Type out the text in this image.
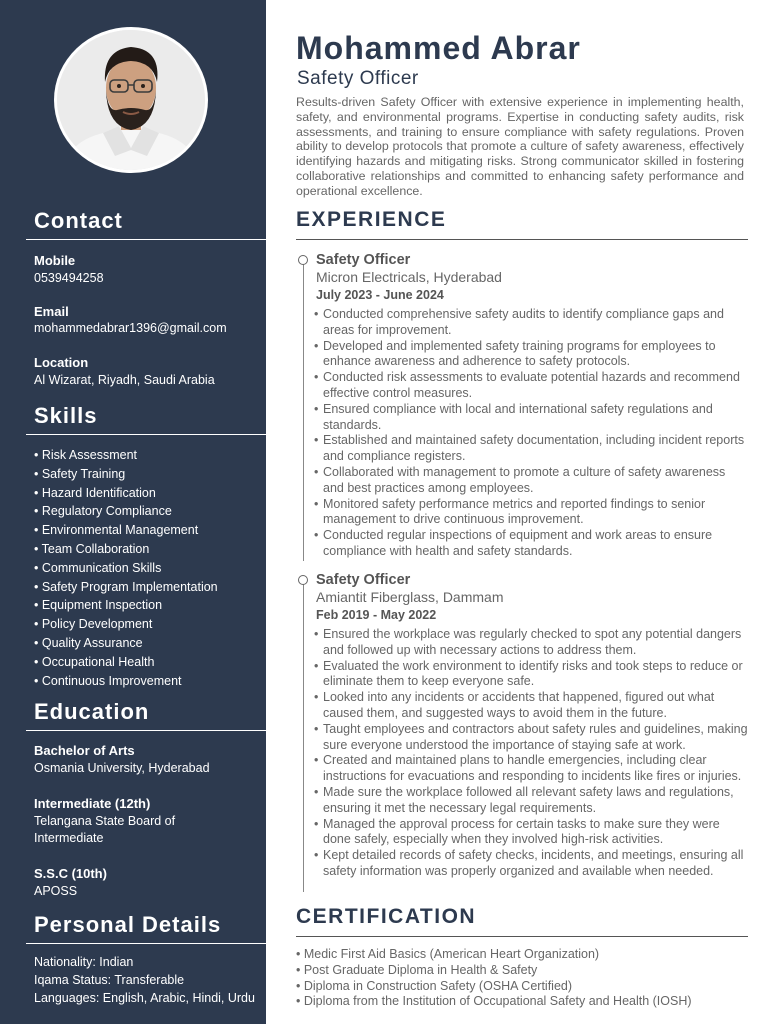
Contact
Mobile
0539494258
Email
mohammedabrar1396@gmail.com
Location
Al Wizarat, Riyadh, Saudi Arabia
Skills
• Risk Assessment
• Safety Training
• Hazard Identification
• Regulatory Compliance
• Environmental Management
• Team Collaboration
• Communication Skills
• Safety Program Implementation
• Equipment Inspection
• Policy Development
• Quality Assurance
• Occupational Health
• Continuous Improvement
Education
Bachelor of Arts
Osmania University, Hyderabad
Intermediate (12th)
Telangana State Board of Intermediate
S.S.C (10th)
APOSS
Personal Details
Nationality: Indian
Iqama Status: Transferable
Languages: English, Arabic, Hindi, Urdu
Mohammed Abrar
Safety Officer

Results-driven Safety Officer with extensive experience in implementing health, safety, and environmental programs. Expertise in conducting safety audits, risk assessments, and training to ensure compliance with safety regulations. Proven ability to develop protocols that promote a culture of safety awareness, effectively identifying hazards and mitigating risks. Strong communicator skilled in fostering collaborative relationships and committed to enhancing safety performance and operational excellence.

EXPERIENCE
Safety Officer
Micron Electricals, Hyderabad
July 2023 - June 2024
• Conducted comprehensive safety audits to identify compliance gaps and areas for improvement.
• Developed and implemented safety training programs for employees to enhance awareness and adherence to safety protocols.
• Conducted risk assessments to evaluate potential hazards and recommend effective control measures.
• Ensured compliance with local and international safety regulations and standards.
• Established and maintained safety documentation, including incident reports and compliance registers.
• Collaborated with management to promote a culture of safety awareness and best practices among employees.
• Monitored safety performance metrics and reported findings to senior management to drive continuous improvement.
• Conducted regular inspections of equipment and work areas to ensure compliance with health and safety standards.
Safety Officer
Amiantit Fiberglass, Dammam
Feb 2019 - May 2022
• Ensured the workplace was regularly checked to spot any potential dangers and followed up with necessary actions to address them.
• Evaluated the work environment to identify risks and took steps to reduce or eliminate them to keep everyone safe.
• Looked into any incidents or accidents that happened, figured out what caused them, and suggested ways to avoid them in the future.
• Taught employees and contractors about safety rules and guidelines, making sure everyone understood the importance of staying safe at work.
• Created and maintained plans to handle emergencies, including clear instructions for evacuations and responding to incidents like fires or injuries.
• Made sure the workplace followed all relevant safety laws and regulations, ensuring it met the necessary legal requirements.
• Managed the approval process for certain tasks to make sure they were done safely, especially when they involved high-risk activities.
• Kept detailed records of safety checks, incidents, and meetings, ensuring all safety information was properly organized and available when needed.
CERTIFICATION
• Medic First Aid Basics (American Heart Organization)
• Post Graduate Diploma in Health & Safety
• Diploma in Construction Safety (OSHA Certified)
• Diploma from the Institution of Occupational Safety and Health (IOSH)
